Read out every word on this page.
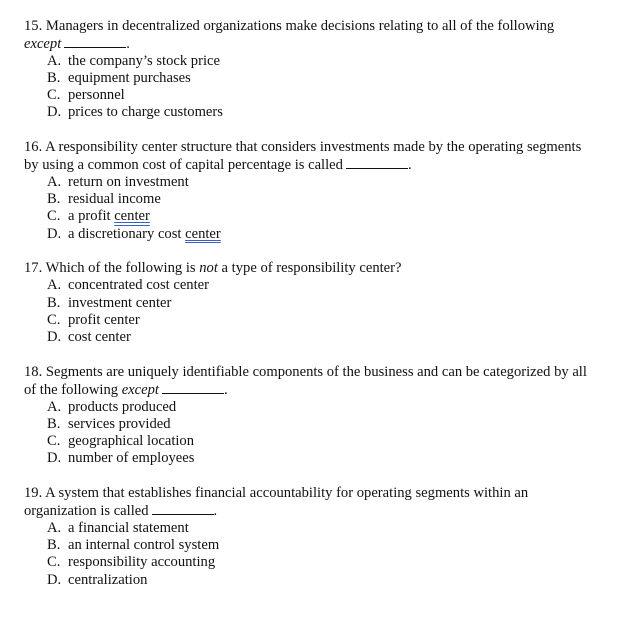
15. Managers in decentralized organizations make decisions relating to all of the following
except	.
A. the company’s stock price
B. equipment purchases
C. personnel
D. prices to charge customers
16. A responsibility center structure that considers investments made by the operating segments
by using a common cost of capital percentage is called	.
A. return on investment
B. residual income
C. a profit center
D. a discretionary cost center
17. Which of the following is not a type of responsibility center?
A. concentrated cost center
B. investment center
C. profit center
D. cost center
18. Segments are uniquely identifiable components of the business and can be categorized by all
of the following except	.
A. products produced
B. services provided
C. geographical location
D. number of employees
19. A system that establishes financial accountability for operating segments within an
organization is called	.
A. a financial statement
B. an internal control system
C. responsibility accounting
D. centralization
